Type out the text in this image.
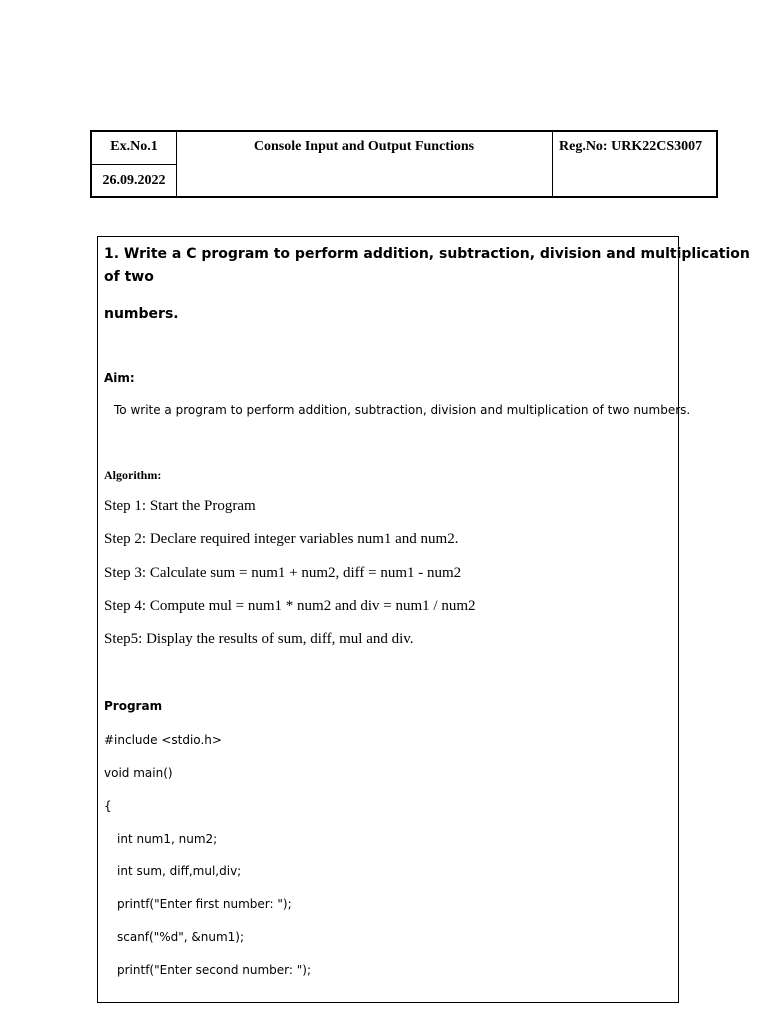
Ex.No.1
26.09.2022
Console Input and Output Functions	Reg.No: URK22CS3007
1. Write a C program to perform addition, subtraction, division and multiplication
of two
numbers.
Aim:
To write a program to perform addition, subtraction, division and multiplication of two numbers.
Algorithm:
Step 1: Start the Program
Step 2: Declare required integer variables num1 and num2.
Step 3: Calculate sum = num1 + num2, diff = num1 - num2
Step 4: Compute mul = num1 * num2 and div = num1 / num2
Step5: Display the results of sum, diff, mul and div.
Program
#include <stdio.h>
void main()
{
int num1, num2;
int sum, diff,mul,div;
printf("Enter first number: ");
scanf("%d", &num1);
printf("Enter second number: ");
